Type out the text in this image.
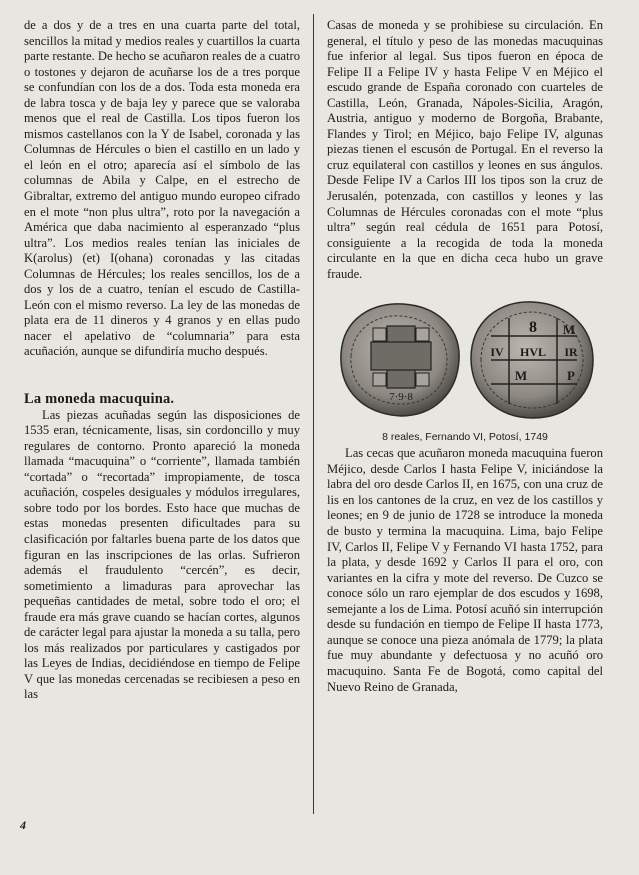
de a dos y de a tres en una cuarta parte del total, sencillos la mitad y medios reales y cuartillos la cuarta parte restante. De hecho se acuñaron reales de a cuatro o tostones y dejaron de acuñarse los de a tres porque se confundían con los de a dos. Toda esta moneda era de labra tosca y de baja ley y parece que se valoraba menos que el real de Castilla. Los tipos fueron los mismos castellanos con la Y de Isabel, coronada y las Columnas de Hércules o bien el castillo en un lado y el león en el otro; aparecía así el símbolo de las columnas de Abila y Calpe, en el estrecho de Gibraltar, extremo del antiguo mundo europeo cifrado en el mote “non plus ultra”, roto por la navegación a América que daba nacimiento al esperanzado “plus ultra”. Los medios reales tenían las iniciales de K(arolus) (et) I(ohana) coronadas y las citadas Columnas de Hércules; los reales sencillos, los de a dos y los de a cuatro, tenían el escudo de Castilla-León con el mismo reverso. La ley de las monedas de plata era de 11 dineros y 4 granos y en ellas pudo nacer el apelativo de “columnaria” para esta acuñación, aunque se difundiría mucho después.

La moneda macuquina.

Las piezas acuñadas según las disposiciones de 1535 eran, técnicamente, lisas, sin cordoncillo y muy regulares de contorno. Pronto apareció la moneda llamada “macuquina” o “corriente”, llamada también “cortada” o “recortada” impropiamente, de tosca acuñación, cospeles desiguales y módulos irregulares, sobre todo por los bordes. Esto hace que muchas de estas monedas presenten dificultades para su clasificación por faltarles buena parte de los datos que figuran en las inscripciones de las orlas. Sufrieron además el fraudulento “cercén”, es decir, sometimiento a limaduras para aprovechar las pequeñas cantidades de metal, sobre todo el oro; el fraude era más grave cuando se hacían cortes, algunos de carácter legal para ajustar la moneda a su talla, pero los más realizados por particulares y castigados por las Leyes de Indias, decidiéndose en tiempo de Felipe V que las monedas cercenadas se recibiesen a peso en las

Casas de moneda y se prohibiese su circulación. En general, el título y peso de las monedas macuquinas fue inferior al legal. Sus tipos fueron en época de Felipe II a Felipe IV y hasta Felipe V en Méjico el escudo grande de España coronado con cuarteles de Castilla, León, Granada, Nápoles-Sicilia, Aragón, Austria, antiguo y moderno de Borgoña, Brabante, Flandes y Tirol; en Méjico, bajo Felipe IV, algunas piezas tienen el escusón de Portugal. En el reverso la cruz equilateral con castillos y leones en sus ángulos. Desde Felipe IV a Carlos III los tipos son la cruz de Jerusalén, potenzada, con castillos y leones y las Columnas de Hércules coronadas con el mote “plus ultra” según real cédula de 1651 para Potosí, consiguiente a la recogida de toda la moneda circulante en la que en dicha ceca hubo un grave fraude.

7·9·8
8 M
IV HVL IR
M	P
8 reales, Fernando VI, Potosí, 1749

Las cecas que acuñaron moneda macuquina fueron Méjico, desde Carlos I hasta Felipe V, iniciándose la labra del oro desde Carlos II, en 1675, con una cruz de lis en los cantones de la cruz, en vez de los castillos y leones; en 9 de junio de 1728 se introduce la moneda de busto y termina la macuquina. Lima, bajo Felipe IV, Carlos II, Felipe V y Fernando VI hasta 1752, para la plata, y desde 1692 y Carlos II para el oro, con variantes en la cifra y mote del reverso. De Cuzco se conoce sólo un raro ejemplar de dos escudos y 1698, semejante a los de Lima. Potosí acuñó sin interrupción desde su fundación en tiempo de Felipe II hasta 1773, aunque se conoce una pieza anómala de 1779; la plata fue muy abundante y defectuosa y no acuñó oro macuquino. Santa Fe de Bogotá, como capital del Nuevo Reino de Granada,

4
